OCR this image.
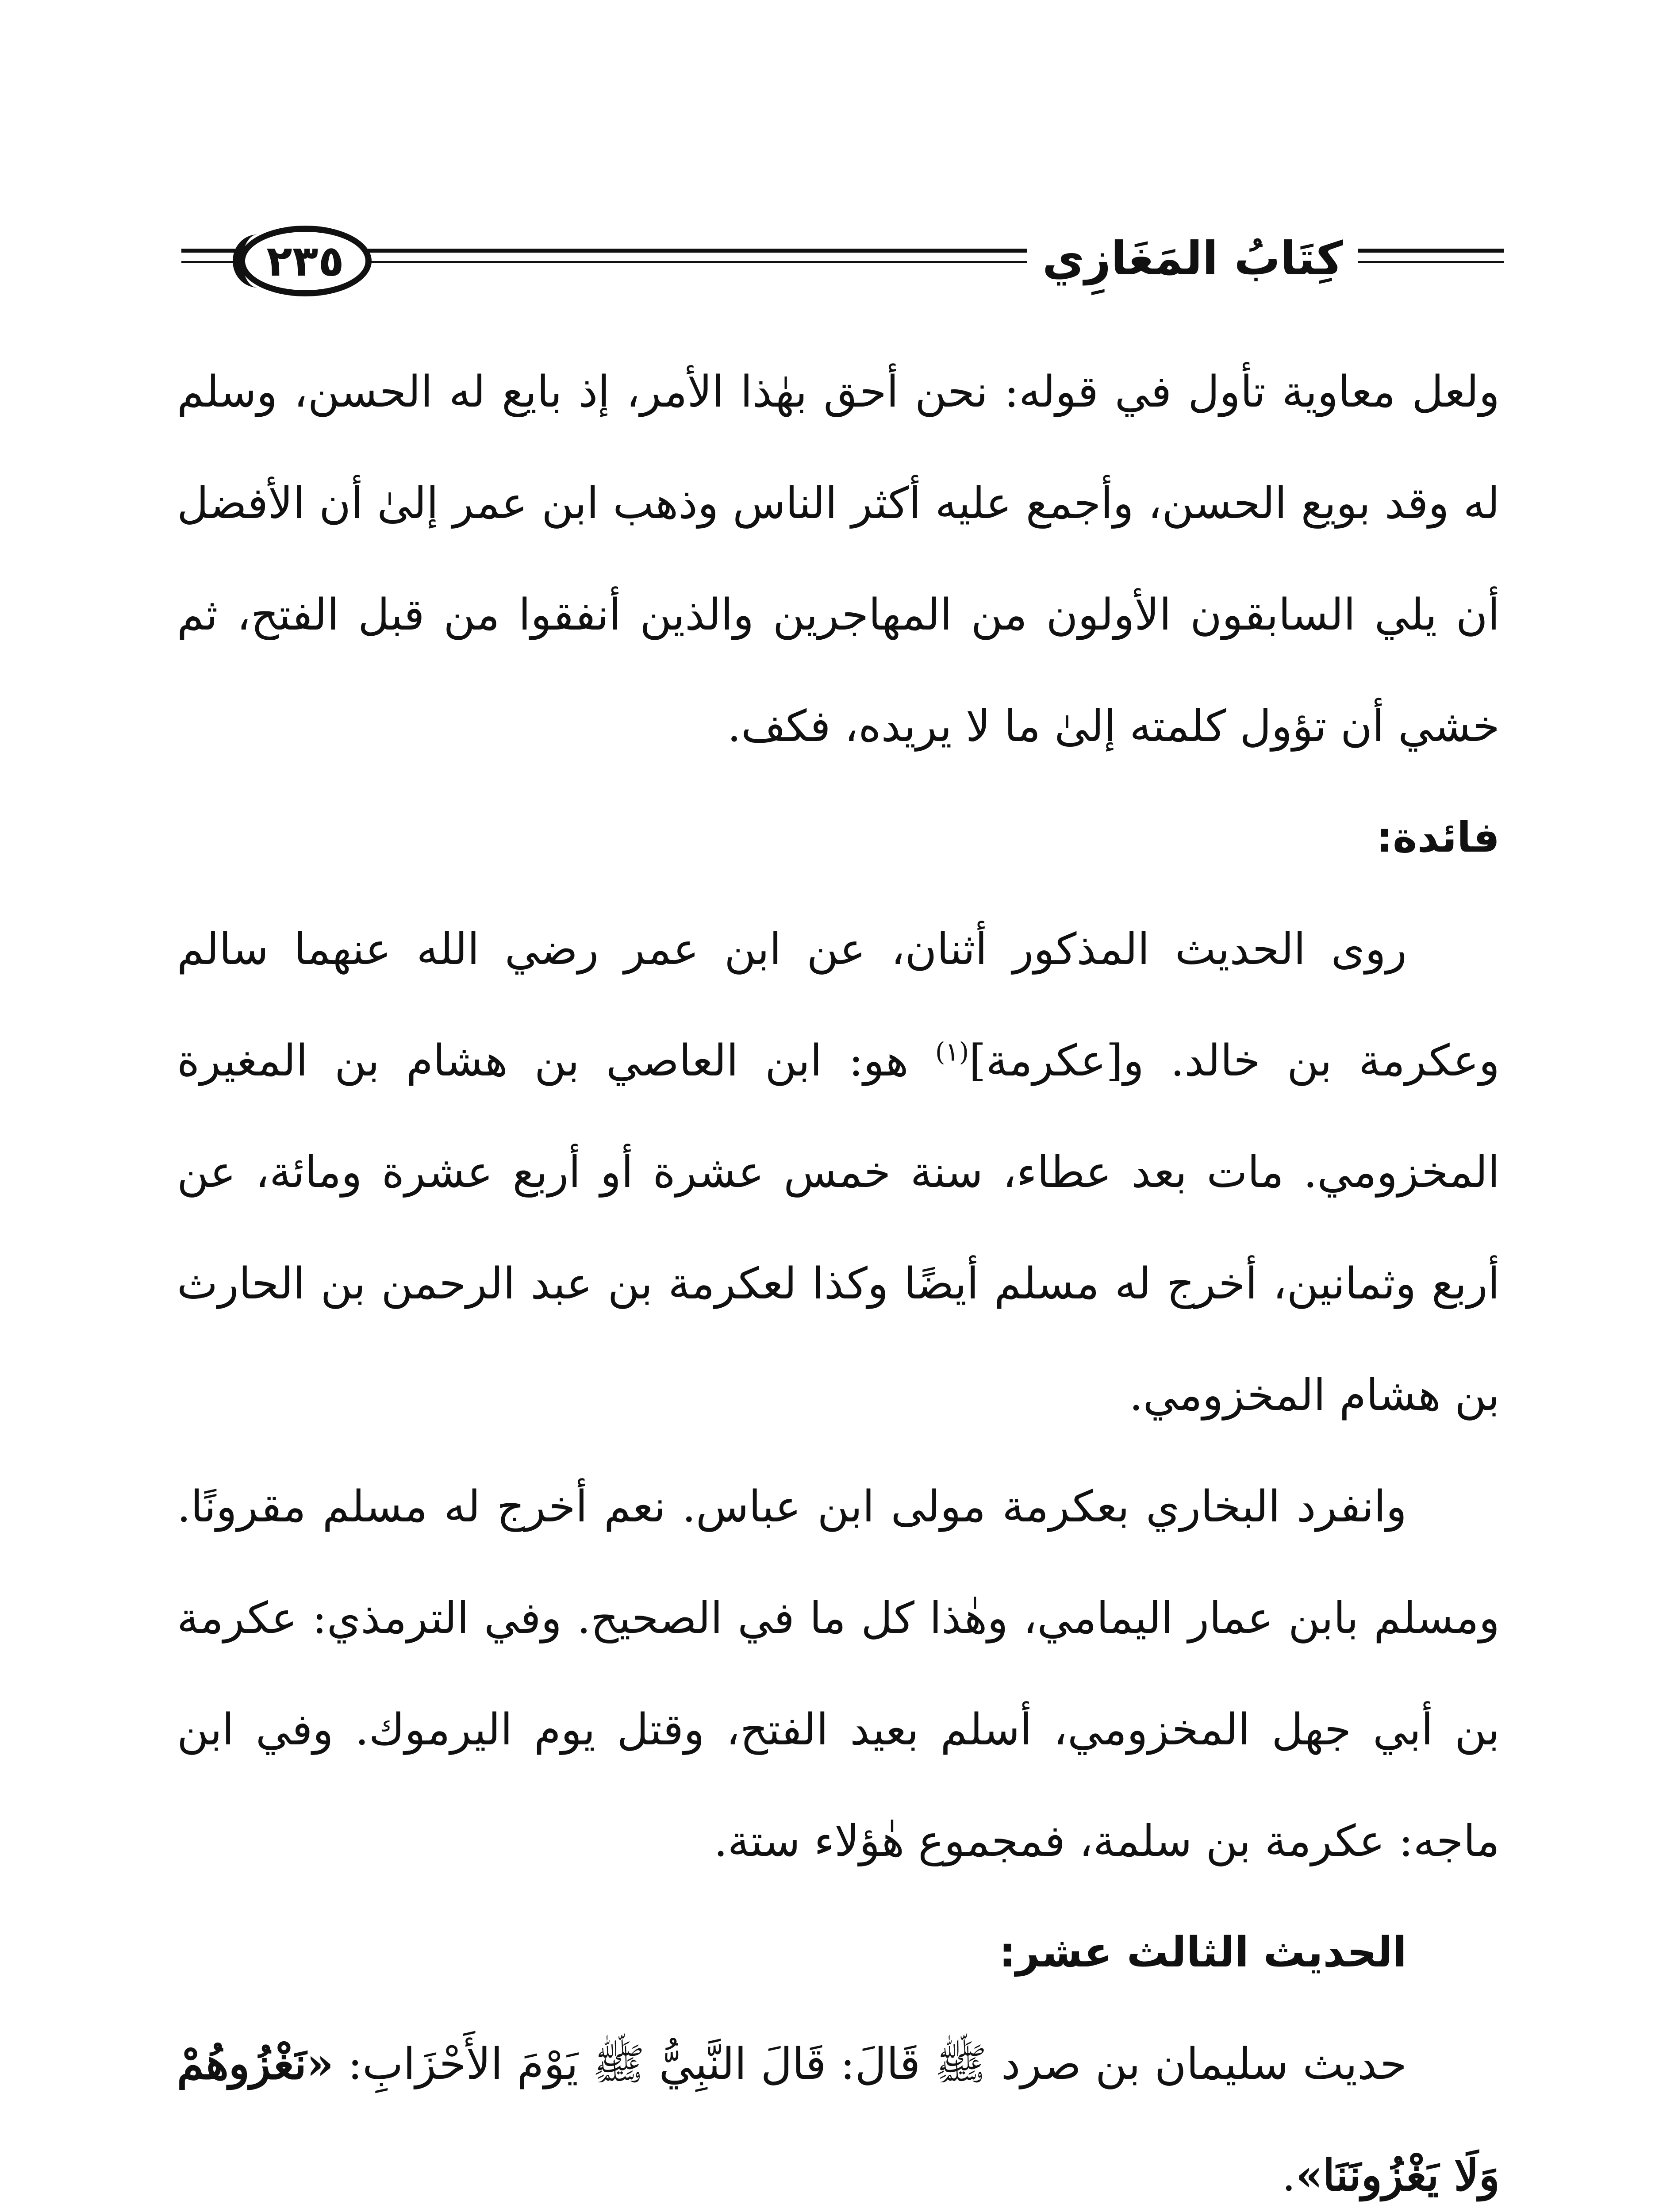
٢٣٥	كِتَابُ المَغَازِي

ولعل معاوية تأول في قوله: نحن أحق بهٰذا الأمر، إذ بايع له الحسن، وسلم له وقد بويع الحسن، وأجمع عليه أكثر الناس وذهب ابن عمر إلىٰ أن الأفضل أن يلي السابقون الأولون من المهاجرين والذين أنفقوا من قبل الفتح، ثم خشي أن تؤول كلمته إلىٰ ما لا يريده، فكف.

فائدة:

روى الحديث المذكور أثنان، عن ابن عمر رضي الله عنهما سالم وعكرمة بن خالد. و[عكرمة]$^{(١)}$ هو: ابن العاصي بن هشام بن المغيرة المخزومي. مات بعد عطاء، سنة خمس عشرة أو أربع عشرة ومائة، عن أربع وثمانين، أخرج له مسلم أيضًا وكذا لعكرمة بن عبد الرحمن بن الحارث بن هشام المخزومي.

وانفرد البخاري بعكرمة مولى ابن عباس. نعم أخرج له مسلم مقرونًا. ومسلم بابن عمار اليمامي، وهٰذا كل ما في الصحيح. وفي الترمذي: عكرمة بن أبي جهل المخزومي، أسلم بعيد الفتح، وقتل يوم اليرموك. وفي ابن ماجه: عكرمة بن سلمة، فمجموع هٰؤلاء ستة.

الحديث الثالث عشر:

حديث سليمان بن صرد ﷺ قَالَ: قَالَ النَّبِيُّ ﷺ يَوْمَ الأَحْزَابِ: «نَغْزُوهُمْ وَلَا يَغْزُونَنَا».
